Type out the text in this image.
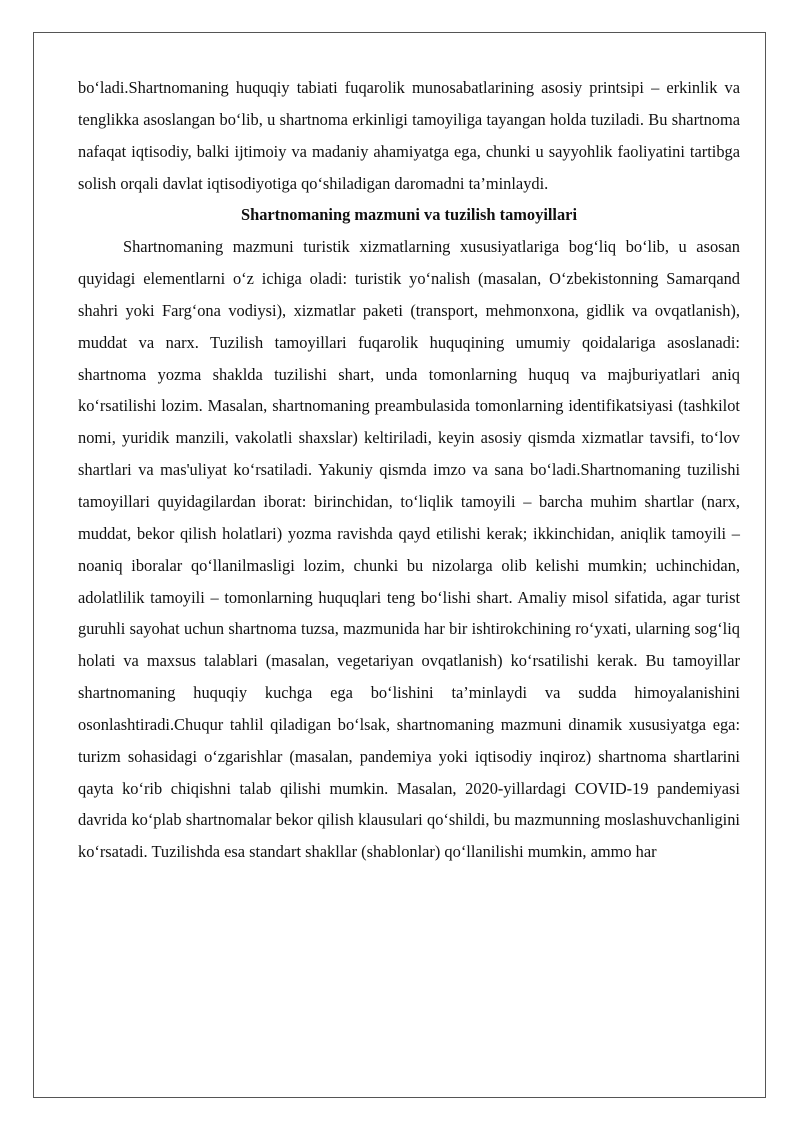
bo‘ladi.Shartnomaning huquqiy tabiati fuqarolik munosabatlarining asosiy printsipi – erkinlik va tenglikka asoslangan bo‘lib, u shartnoma erkinligi tamoyiliga tayangan holda tuziladi. Bu shartnoma nafaqat iqtisodiy, balki ijtimoiy va madaniy ahamiyatga ega, chunki u sayyohlik faoliyatini tartibga solish orqali davlat iqtisodiyotiga qo‘shiladigan daromadni ta’minlaydi.

Shartnomaning mazmuni va tuzilish tamoyillari

Shartnomaning mazmuni turistik xizmatlarning xususiyatlariga bog‘liq bo‘lib, u asosan quyidagi elementlarni o‘z ichiga oladi: turistik yo‘nalish (masalan, O‘zbekistonning Samarqand shahri yoki Farg‘ona vodiysi), xizmatlar paketi (transport, mehmonxona, gidlik va ovqatlanish), muddat va narx. Tuzilish tamoyillari fuqarolik huquqining umumiy qoidalariga asoslanadi: shartnoma yozma shaklda tuzilishi shart, unda tomonlarning huquq va majburiyatlari aniq ko‘rsatilishi lozim. Masalan, shartnomaning preambulasida tomonlarning identifikatsiyasi (tashkilot nomi, yuridik manzili, vakolatli shaxslar) keltiriladi, keyin asosiy qismda xizmatlar tavsifi, to‘lov shartlari va mas'uliyat ko‘rsatiladi. Yakuniy qismda imzo va sana bo‘ladi.Shartnomaning tuzilishi tamoyillari quyidagilardan iborat: birinchidan, to‘liqlik tamoyili – barcha muhim shartlar (narx, muddat, bekor qilish holatlari) yozma ravishda qayd etilishi kerak; ikkinchidan, aniqlik tamoyili – noaniq iboralar qo‘llanilmasligi lozim, chunki bu nizolarga olib kelishi mumkin; uchinchidan, adolatlilik tamoyili – tomonlarning huquqlari teng bo‘lishi shart. Amaliy misol sifatida, agar turist guruhli sayohat uchun shartnoma tuzsa, mazmunida har bir ishtirokchining ro‘yxati, ularning sog‘liq holati va maxsus talablari (masalan, vegetariyan ovqatlanish) ko‘rsatilishi kerak. Bu tamoyillar shartnomaning huquqiy kuchga ega bo‘lishini ta’minlaydi va sudda himoyalanishini osonlashtiradi.Chuqur tahlil qiladigan bo‘lsak, shartnomaning mazmuni dinamik xususiyatga ega: turizm sohasidagi o‘zgarishlar (masalan, pandemiya yoki iqtisodiy inqiroz) shartnoma shartlarini qayta ko‘rib chiqishni talab qilishi mumkin. Masalan, 2020-yillardagi COVID-19 pandemiyasi davrida ko‘plab shartnomalar bekor qilish klausulari qo‘shildi, bu mazmunning moslashuvchanligini ko‘rsatadi. Tuzilishda esa standart shakllar (shablonlar) qo‘llanilishi mumkin, ammo har
